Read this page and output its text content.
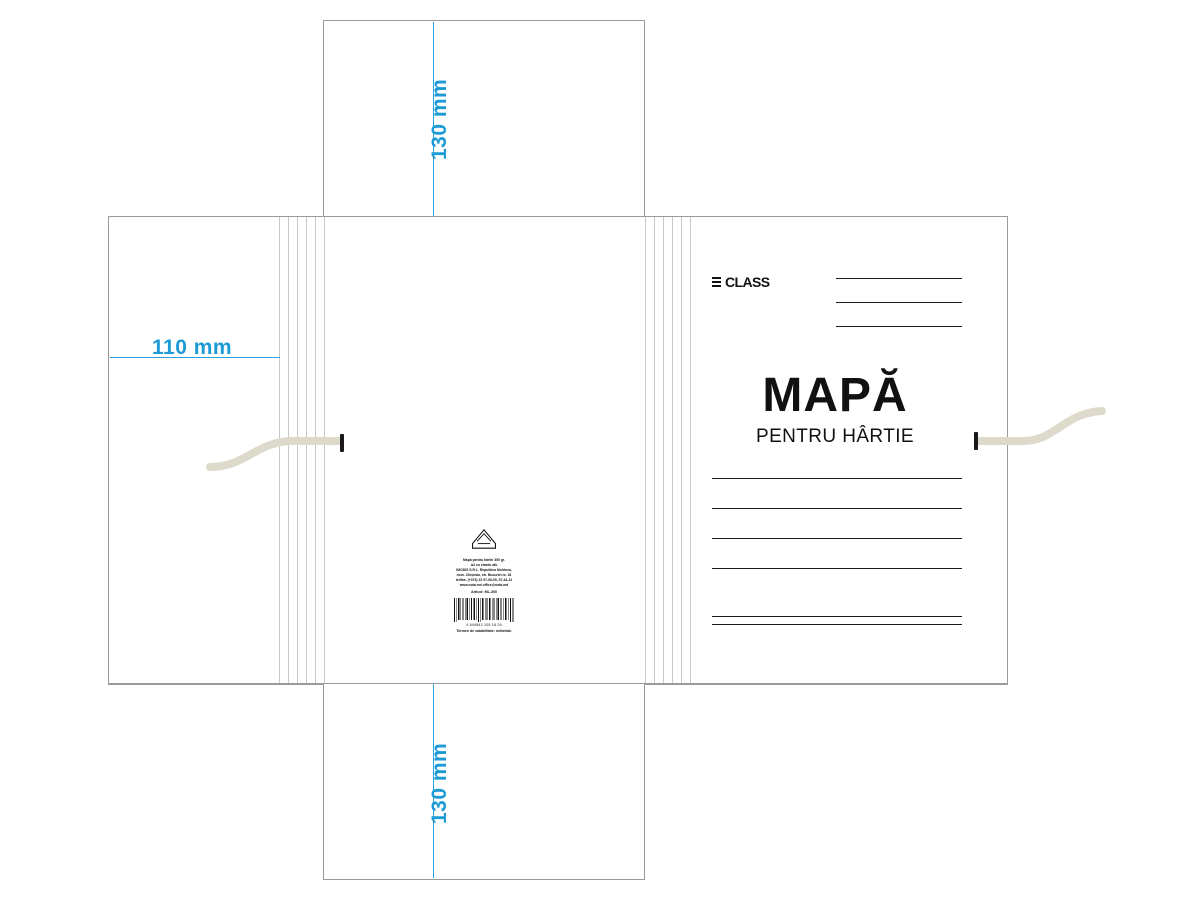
130 mm
130 mm
110 mm
CLASS
MAPĂ
PENTRU HÂRTIE
Mapă pentru hârtie 300 gr.
A4 cu elastic alb
IMODIS S.R.L. Republica Moldova,
mun. Chişinău, str. Bucuriei nr. 18
tel/fax: (+373) 22 57-06-05, 57-44-31
www.nota.md office@nota.md
Articol: ML-300
4 840842 105 18 26
Termen de valabilitate: nelimitat.
